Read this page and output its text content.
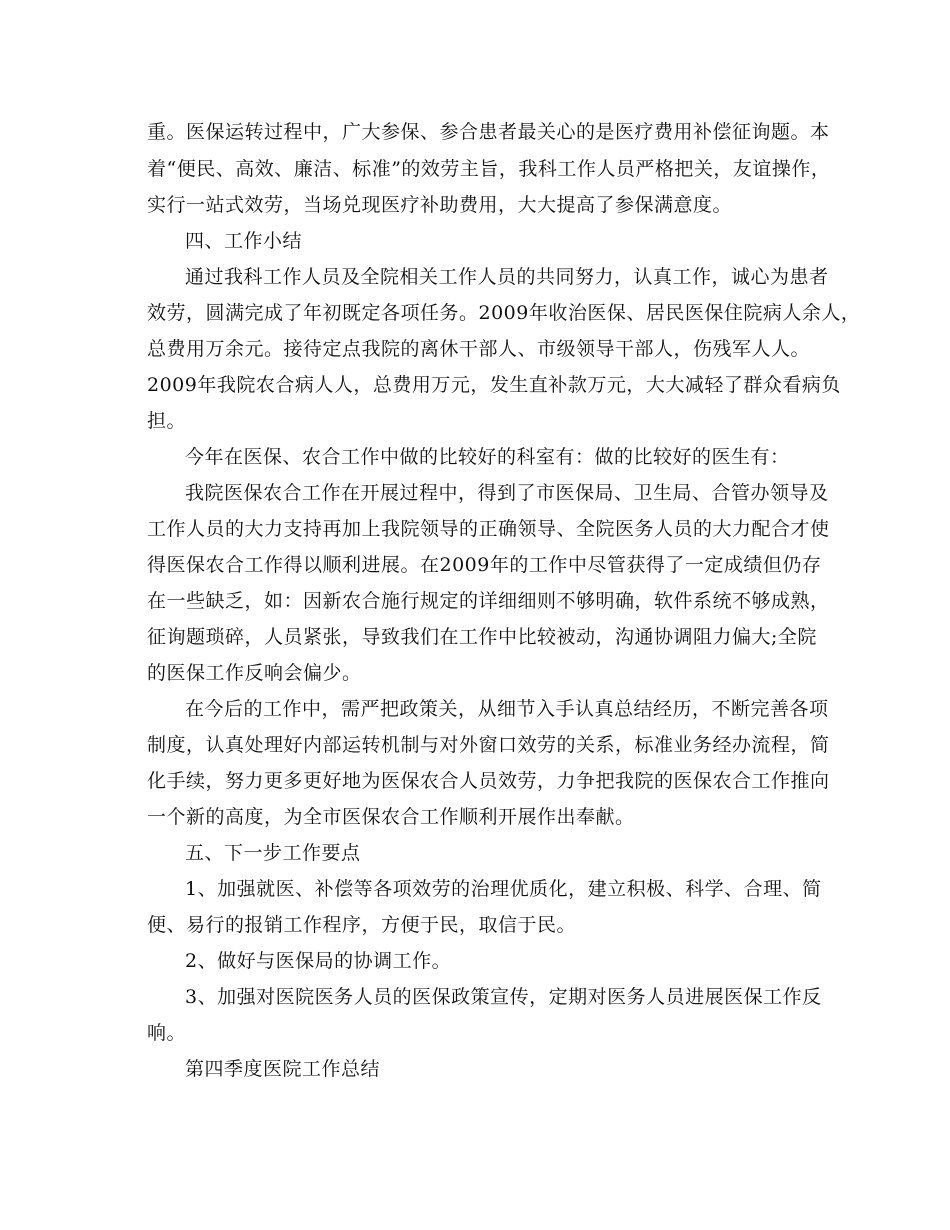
重。医保运转过程中，广大参保、参合患者最关心的是医疗费用补偿征询题。本
着“便民、高效、廉洁、标准”的效劳主旨，我科工作人员严格把关，友谊操作，
实行一站式效劳，当场兑现医疗补助费用，大大提高了参保满意度。
四、工作小结
通过我科工作人员及全院相关工作人员的共同努力，认真工作，诚心为患者
效劳，圆满完成了年初既定各项任务。2009年收治医保、居民医保住院病人余人，
总费用万余元。接待定点我院的离休干部人、市级领导干部人，伤残军人人。
2009年我院农合病人人，总费用万元，发生直补款万元，大大减轻了群众看病负
担。
今年在医保、农合工作中做的比较好的科室有：做的比较好的医生有：
我院医保农合工作在开展过程中，得到了市医保局、卫生局、合管办领导及
工作人员的大力支持再加上我院领导的正确领导、全院医务人员的大力配合才使
得医保农合工作得以顺利进展。在2009年的工作中尽管获得了一定成绩但仍存
在一些缺乏，如：因新农合施行规定的详细细则不够明确，软件系统不够成熟，
征询题琐碎，人员紧张，导致我们在工作中比较被动，沟通协调阻力偏大;全院
的医保工作反响会偏少。
在今后的工作中，需严把政策关，从细节入手认真总结经历，不断完善各项
制度，认真处理好内部运转机制与对外窗口效劳的关系，标准业务经办流程，简
化手续，努力更多更好地为医保农合人员效劳，力争把我院的医保农合工作推向
一个新的高度，为全市医保农合工作顺利开展作出奉献。
五、下一步工作要点
1、加强就医、补偿等各项效劳的治理优质化，建立积极、科学、合理、简
便、易行的报销工作程序，方便于民，取信于民。
2、做好与医保局的协调工作。
3、加强对医院医务人员的医保政策宣传，定期对医务人员进展医保工作反
响。
第四季度医院工作总结
